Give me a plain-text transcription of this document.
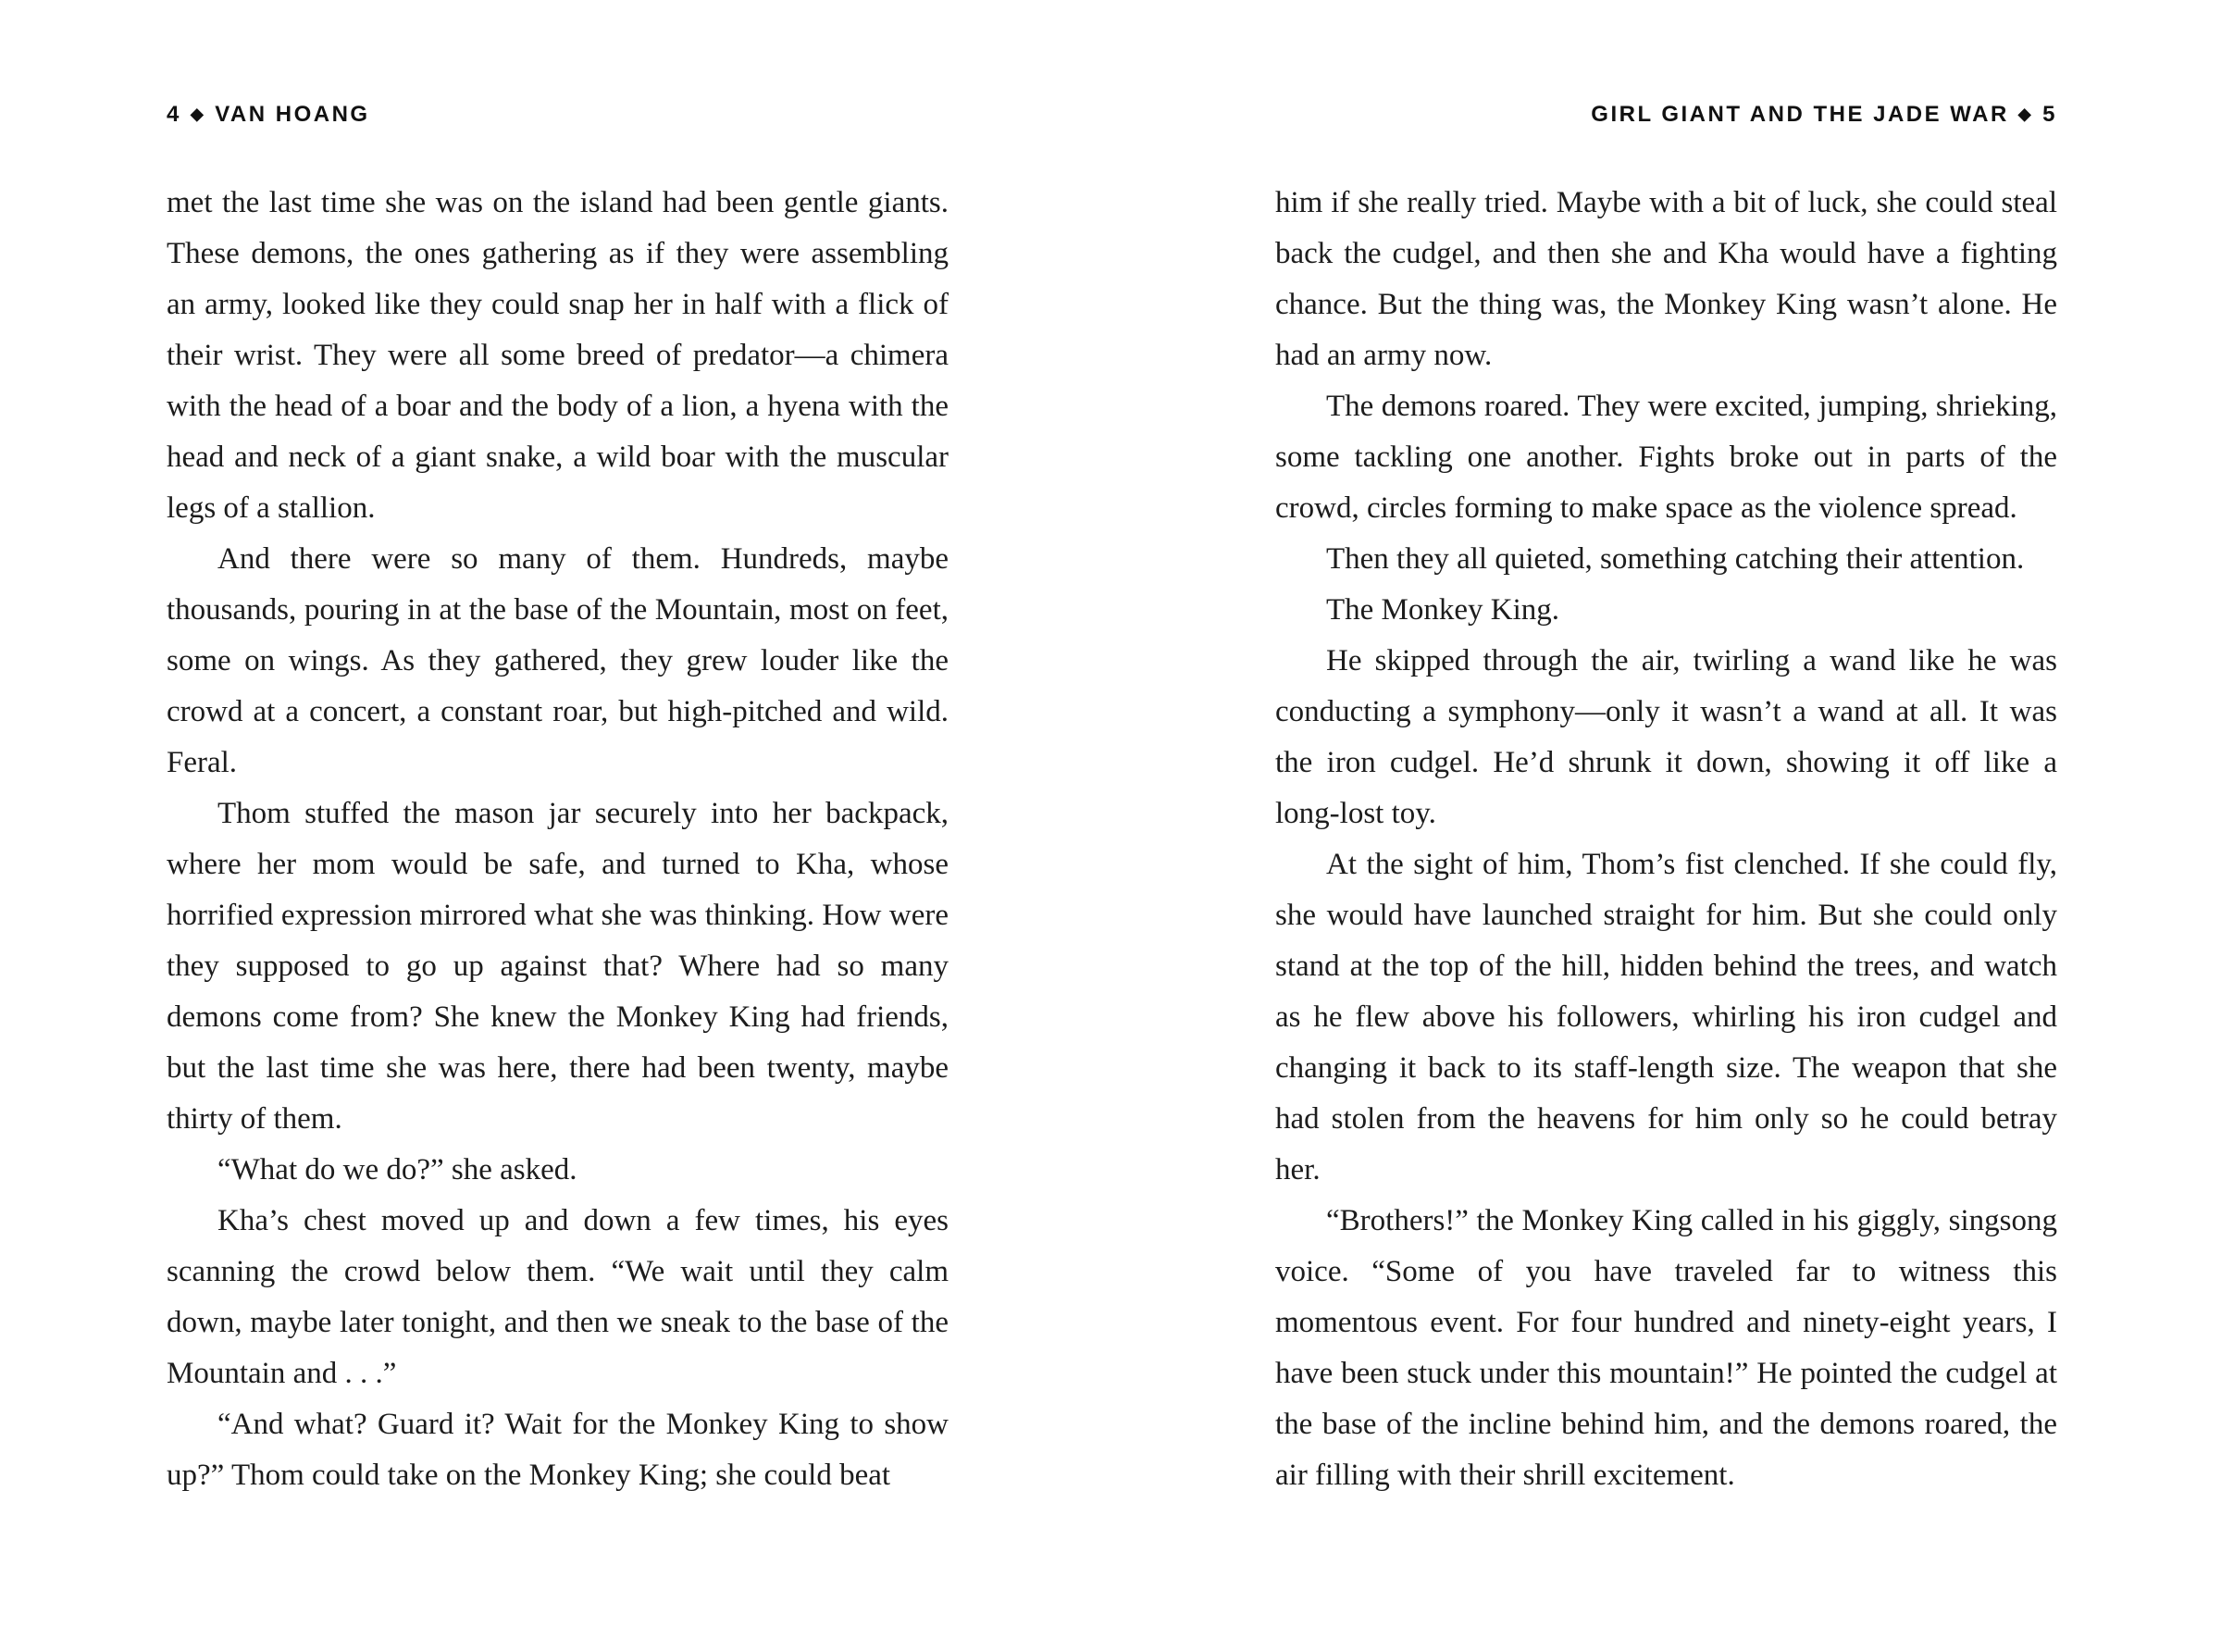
4 ◆ VAN HOANG

met the last time she was on the island had been gentle giants. These demons, the ones gathering as if they were assembling an army, looked like they could snap her in half with a flick of their wrist. They were all some breed of predator—a chimera with the head of a boar and the body of a lion, a hyena with the head and neck of a giant snake, a wild boar with the muscular legs of a stallion.

And there were so many of them. Hundreds, maybe thousands, pouring in at the base of the Mountain, most on feet, some on wings. As they gathered, they grew louder like the crowd at a concert, a constant roar, but high-pitched and wild. Feral.

Thom stuffed the mason jar securely into her backpack, where her mom would be safe, and turned to Kha, whose horrified expression mirrored what she was thinking. How were they supposed to go up against that? Where had so many demons come from? She knew the Monkey King had friends, but the last time she was here, there had been twenty, maybe thirty of them.

“What do we do?” she asked.

Kha’s chest moved up and down a few times, his eyes scanning the crowd below them. “We wait until they calm down, maybe later tonight, and then we sneak to the base of the Mountain and . . .”

“And what? Guard it? Wait for the Monkey King to show up?” Thom could take on the Monkey King; she could beat

GIRL GIANT AND THE JADE WAR ◆ 5

him if she really tried. Maybe with a bit of luck, she could steal back the cudgel, and then she and Kha would have a fighting chance. But the thing was, the Monkey King wasn’t alone. He had an army now.

The demons roared. They were excited, jumping, shrieking, some tackling one another. Fights broke out in parts of the crowd, circles forming to make space as the violence spread.

Then they all quieted, something catching their attention.

The Monkey King.

He skipped through the air, twirling a wand like he was conducting a symphony—only it wasn’t a wand at all. It was the iron cudgel. He’d shrunk it down, showing it off like a long-lost toy.

At the sight of him, Thom’s fist clenched. If she could fly, she would have launched straight for him. But she could only stand at the top of the hill, hidden behind the trees, and watch as he flew above his followers, whirling his iron cudgel and changing it back to its staff-length size. The weapon that she had stolen from the heavens for him only so he could betray her.

“Brothers!” the Monkey King called in his giggly, singsong voice. “Some of you have traveled far to witness this momentous event. For four hundred and ninety-eight years, I have been stuck under this mountain!” He pointed the cudgel at the base of the incline behind him, and the demons roared, the air filling with their shrill excitement.
